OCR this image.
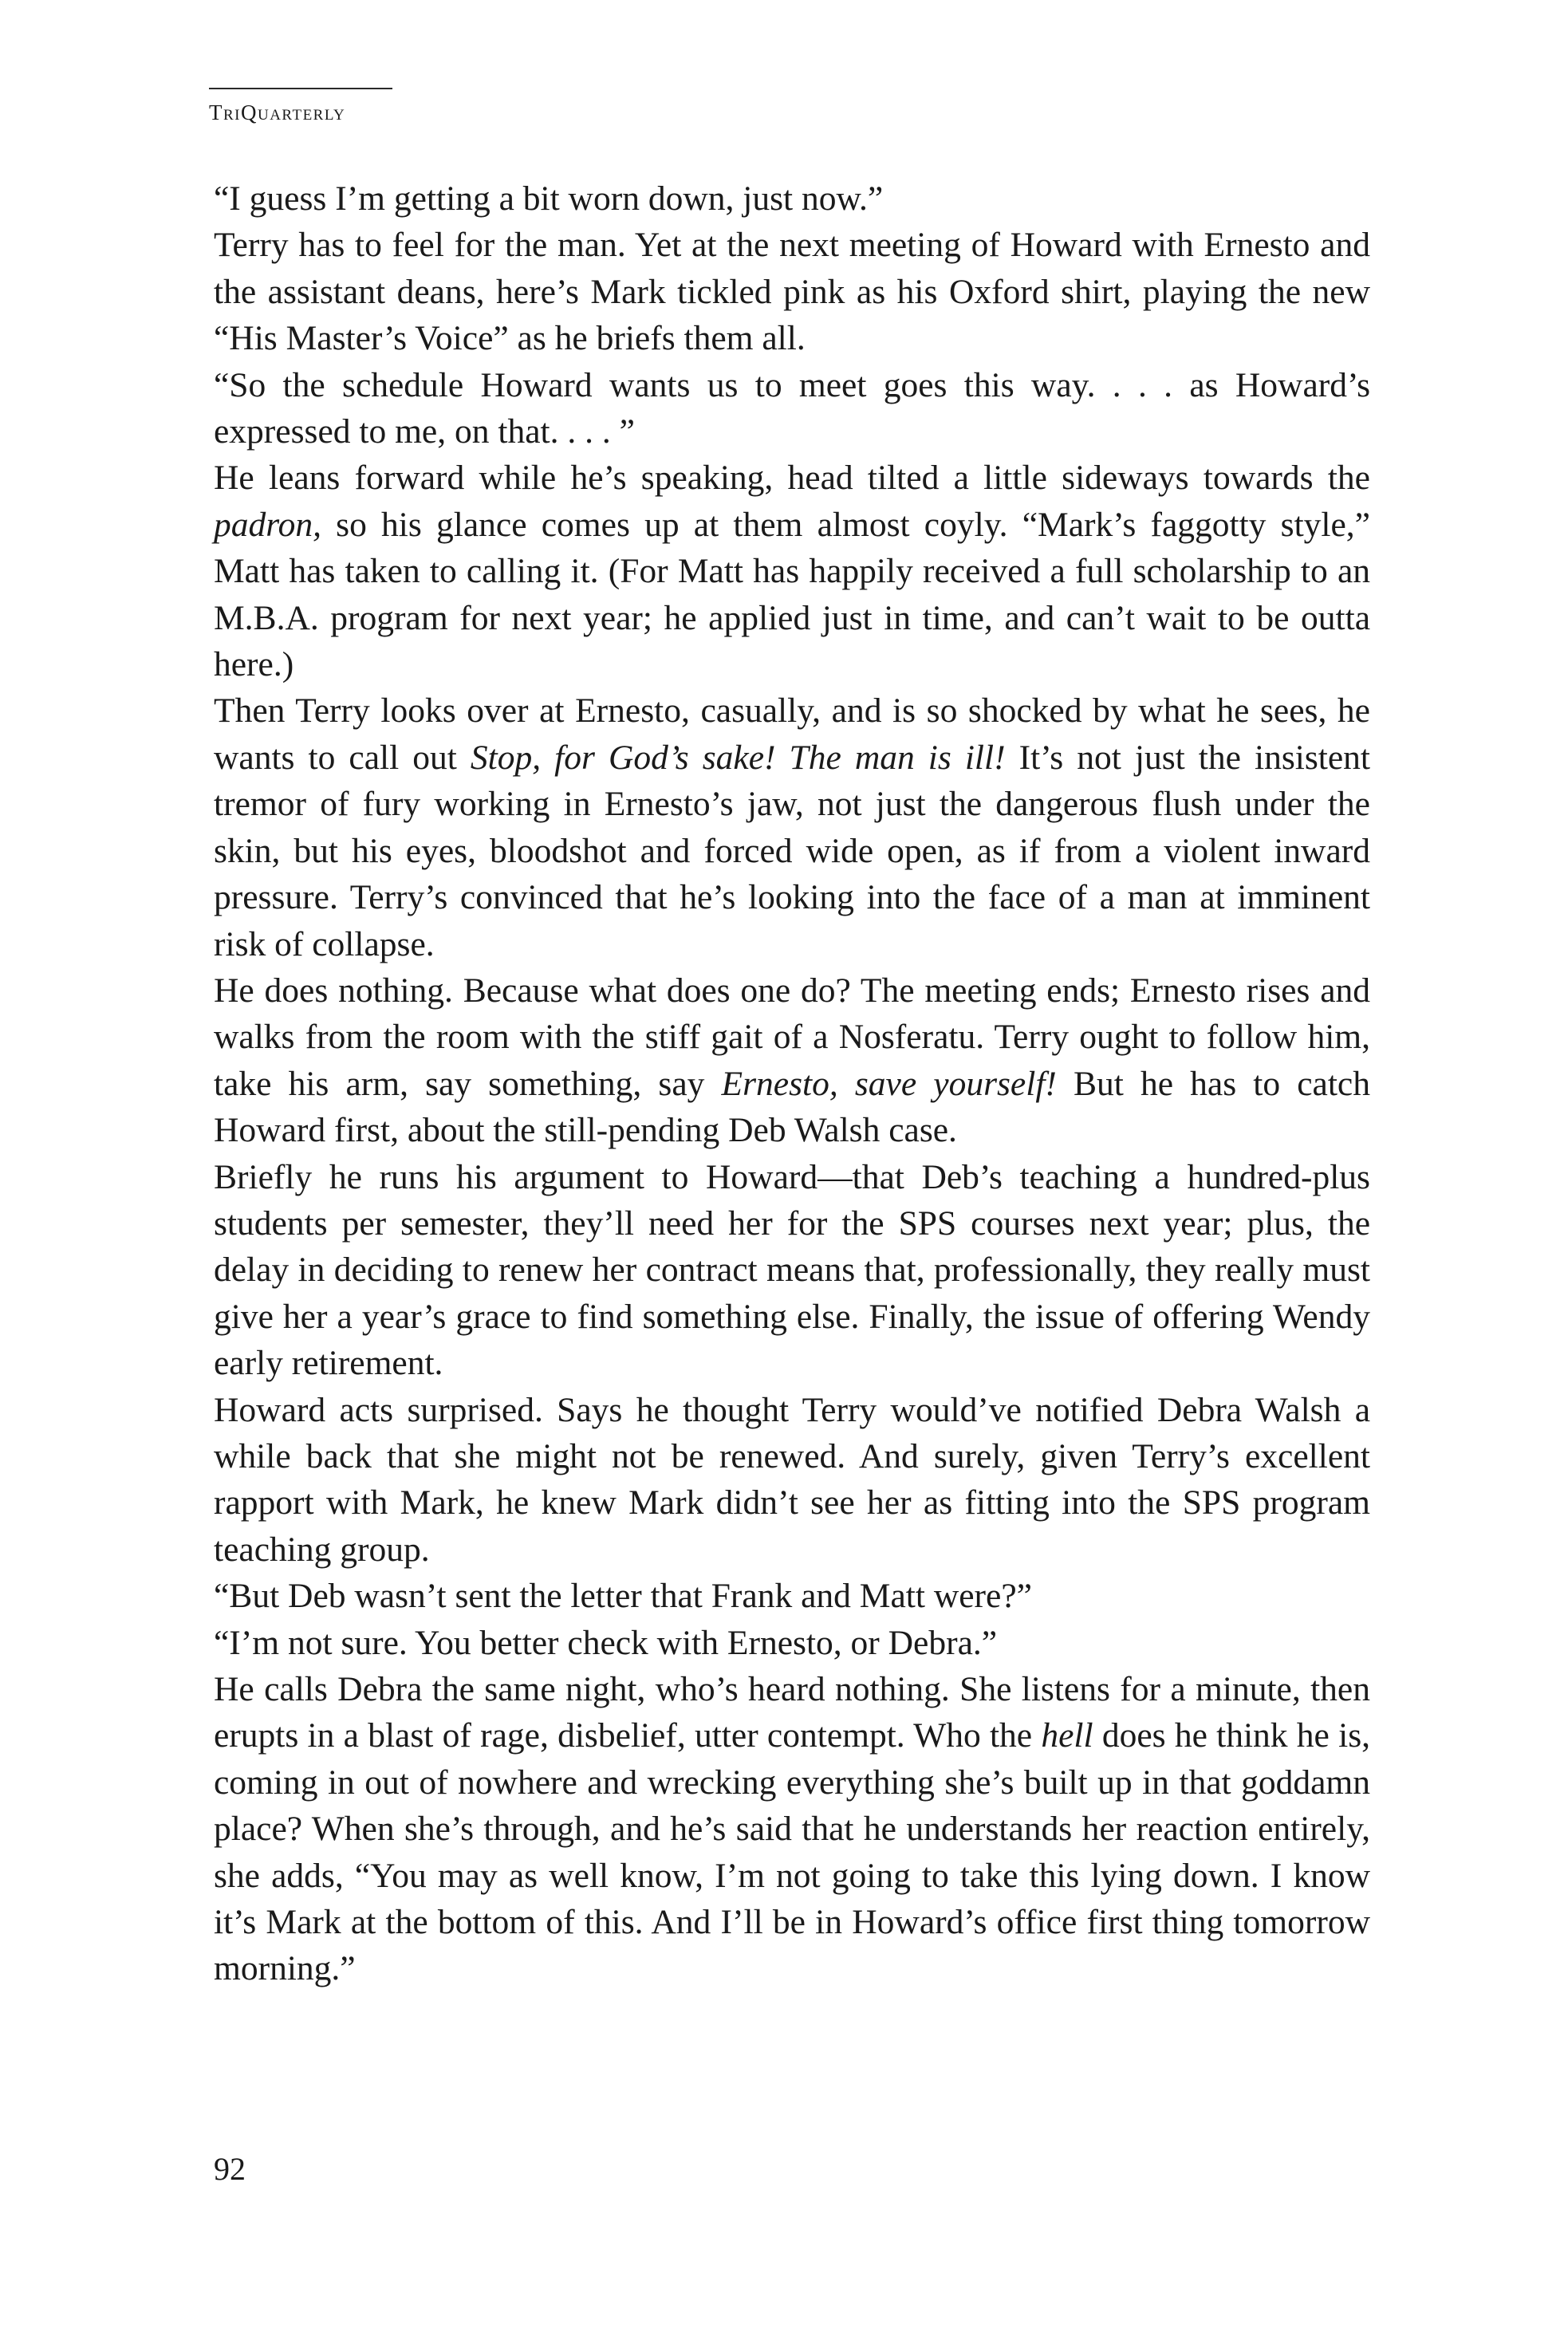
TriQuarterly

“I guess I’m getting a bit worn down, just now.”

Terry has to feel for the man. Yet at the next meeting of Howard with Ernesto and the assistant deans, here’s Mark tickled pink as his Oxford shirt, playing the new “His Master’s Voice” as he briefs them all.

“So the schedule Howard wants us to meet goes this way. . . . as Howard’s expressed to me, on that. . . . ”

He leans forward while he’s speaking, head tilted a little sideways towards the padron, so his glance comes up at them almost coyly. “Mark’s faggotty style,” Matt has taken to calling it. (For Matt has happily received a full scholarship to an M.B.A. program for next year; he applied just in time, and can’t wait to be outta here.)

Then Terry looks over at Ernesto, casually, and is so shocked by what he sees, he wants to call out Stop, for God’s sake! The man is ill! It’s not just the insistent tremor of fury working in Ernesto’s jaw, not just the dangerous flush under the skin, but his eyes, bloodshot and forced wide open, as if from a violent inward pressure. Terry’s convinced that he’s looking into the face of a man at imminent risk of collapse.

He does nothing. Because what does one do? The meeting ends; Ernesto rises and walks from the room with the stiff gait of a Nosferatu. Terry ought to follow him, take his arm, say something, say Ernesto, save yourself! But he has to catch Howard first, about the still-pending Deb Walsh case.

Briefly he runs his argument to Howard—that Deb’s teaching a hundred-plus students per semester, they’ll need her for the SPS courses next year; plus, the delay in deciding to renew her contract means that, professionally, they really must give her a year’s grace to find something else. Finally, the issue of offering Wendy early retirement.

Howard acts surprised. Says he thought Terry would’ve notified Debra Walsh a while back that she might not be renewed. And surely, given Terry’s excellent rapport with Mark, he knew Mark didn’t see her as fitting into the SPS program teaching group.

“But Deb wasn’t sent the letter that Frank and Matt were?”

“I’m not sure. You better check with Ernesto, or Debra.”

He calls Debra the same night, who’s heard nothing. She listens for a minute, then erupts in a blast of rage, disbelief, utter contempt. Who the hell does he think he is, coming in out of nowhere and wrecking everything she’s built up in that goddamn place? When she’s through, and he’s said that he understands her reaction entirely, she adds, “You may as well know, I’m not going to take this lying down. I know it’s Mark at the bottom of this. And I’ll be in Howard’s office first thing tomorrow morning.”

92
